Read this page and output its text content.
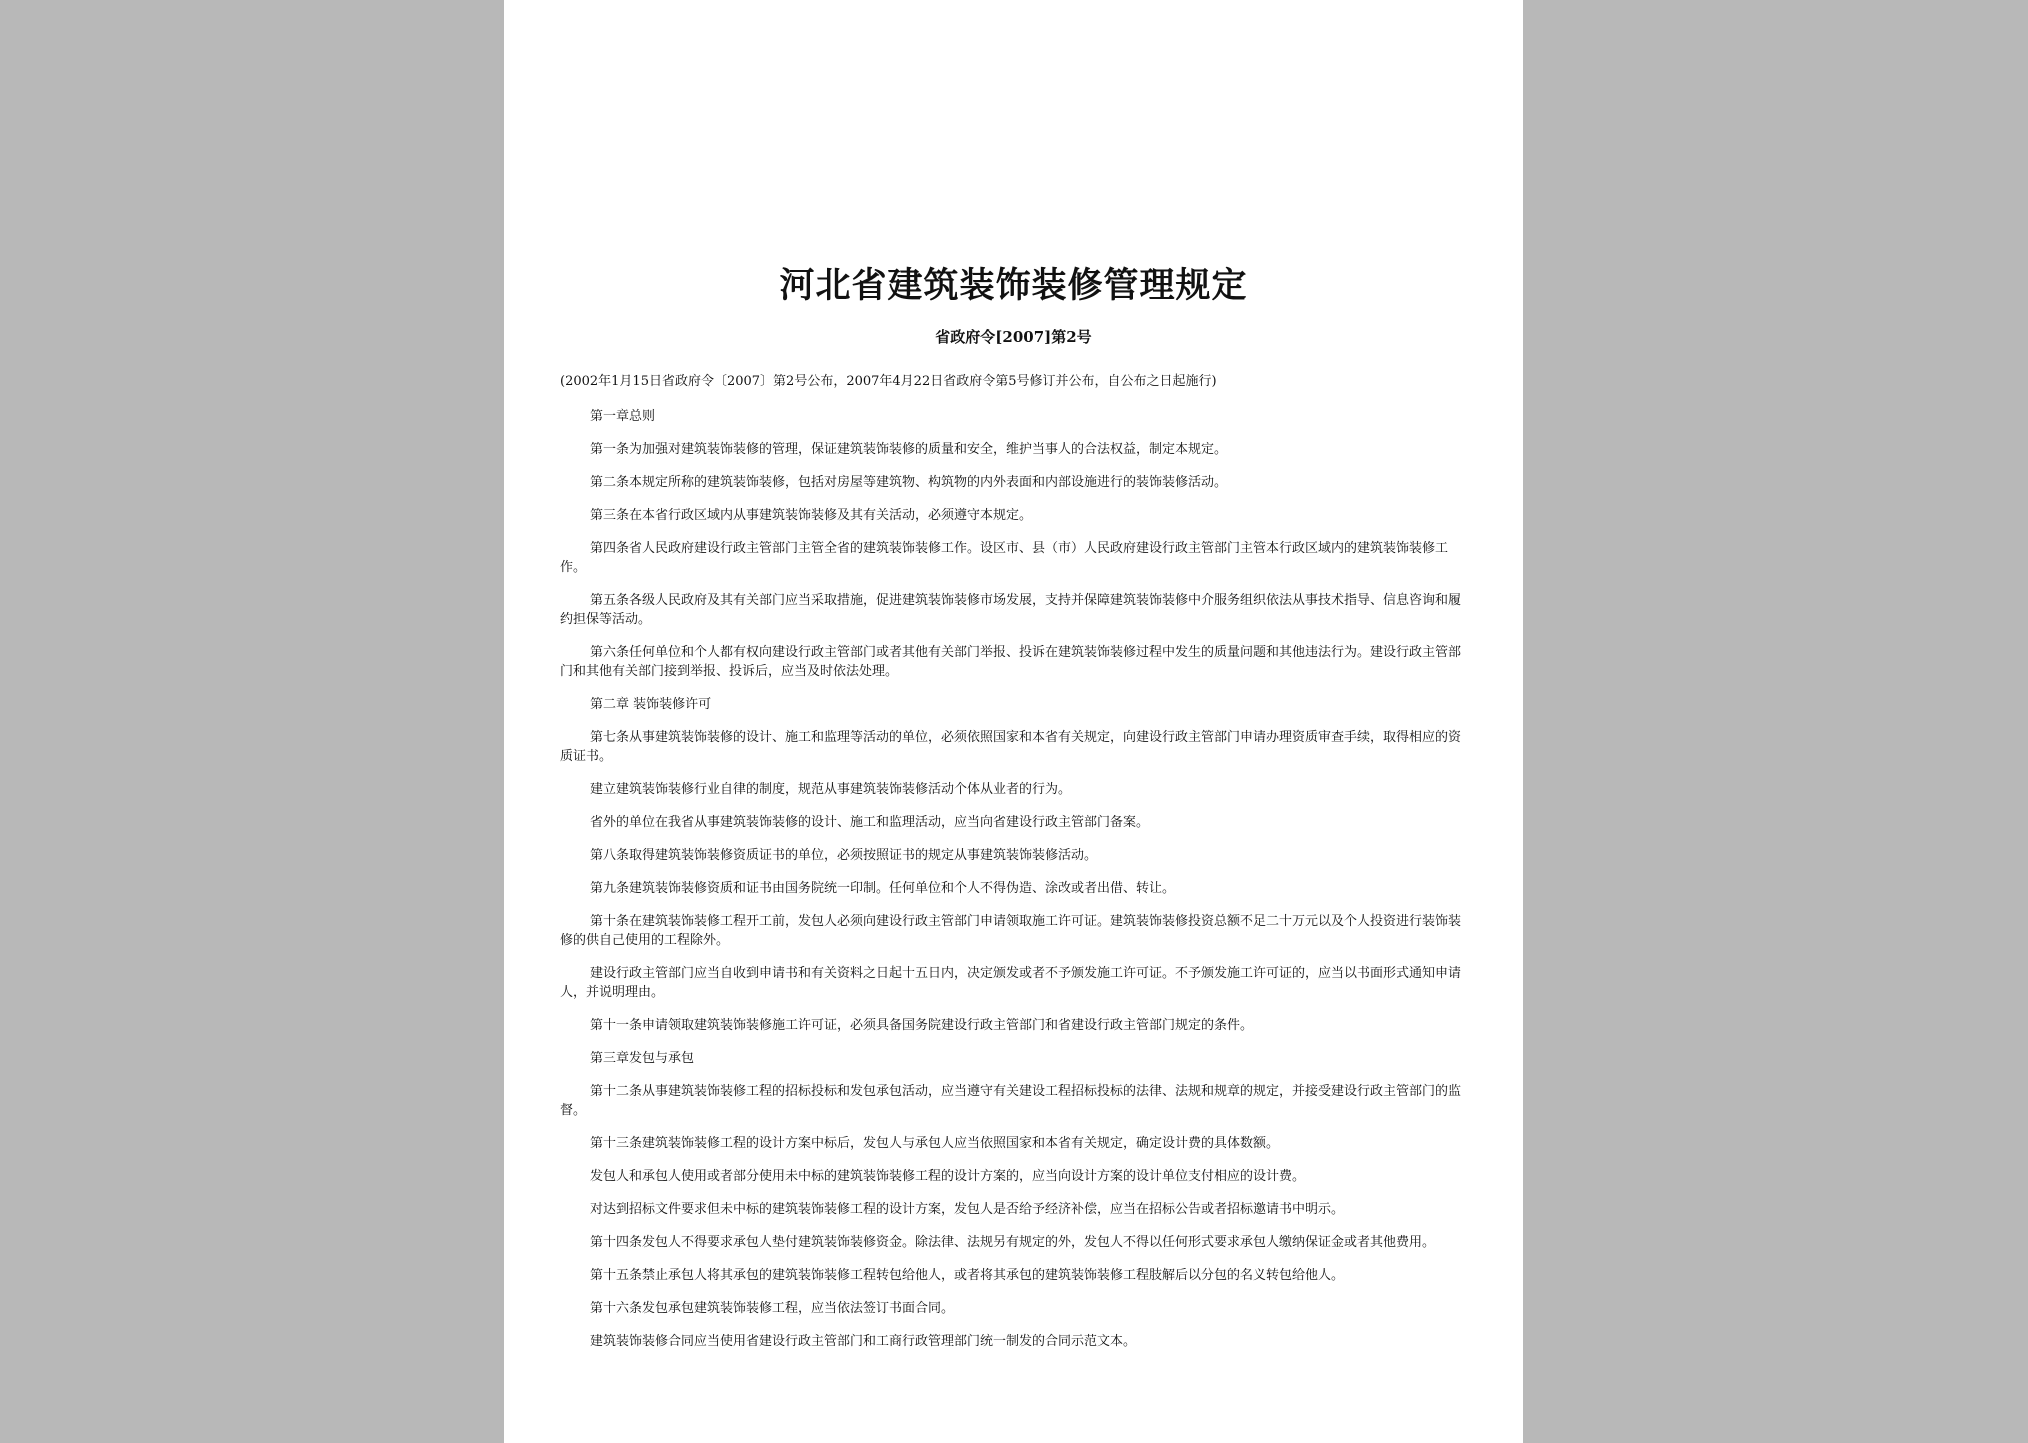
河北省建筑装饰装修管理规定
省政府令[2007]第2号

(2002年1月15日省政府令〔2007〕第2号公布，2007年4月22日省政府令第5号修订并公布，自公布之日起施行)

第一章总则

第一条为加强对建筑装饰装修的管理，保证建筑装饰装修的质量和安全，维护当事人的合法权益，制定本规定。

第二条本规定所称的建筑装饰装修，包括对房屋等建筑物、构筑物的内外表面和内部设施进行的装饰装修活动。

第三条在本省行政区域内从事建筑装饰装修及其有关活动，必须遵守本规定。

第四条省人民政府建设行政主管部门主管全省的建筑装饰装修工作。设区市、县（市）人民政府建设行政主管部门主管本行政区域内的建筑装饰装修工作。

第五条各级人民政府及其有关部门应当采取措施，促进建筑装饰装修市场发展，支持并保障建筑装饰装修中介服务组织依法从事技术指导、信息咨询和履约担保等活动。

第六条任何单位和个人都有权向建设行政主管部门或者其他有关部门举报、投诉在建筑装饰装修过程中发生的质量问题和其他违法行为。建设行政主管部门和其他有关部门接到举报、投诉后，应当及时依法处理。

第二章 装饰装修许可

第七条从事建筑装饰装修的设计、施工和监理等活动的单位，必须依照国家和本省有关规定，向建设行政主管部门申请办理资质审查手续，取得相应的资质证书。

建立建筑装饰装修行业自律的制度，规范从事建筑装饰装修活动个体从业者的行为。

省外的单位在我省从事建筑装饰装修的设计、施工和监理活动，应当向省建设行政主管部门备案。

第八条取得建筑装饰装修资质证书的单位，必须按照证书的规定从事建筑装饰装修活动。

第九条建筑装饰装修资质和证书由国务院统一印制。任何单位和个人不得伪造、涂改或者出借、转让。

第十条在建筑装饰装修工程开工前，发包人必须向建设行政主管部门申请领取施工许可证。建筑装饰装修投资总额不足二十万元以及个人投资进行装饰装修的供自己使用的工程除外。

建设行政主管部门应当自收到申请书和有关资料之日起十五日内，决定颁发或者不予颁发施工许可证。不予颁发施工许可证的，应当以书面形式通知申请人，并说明理由。

第十一条申请领取建筑装饰装修施工许可证，必须具备国务院建设行政主管部门和省建设行政主管部门规定的条件。

第三章发包与承包

第十二条从事建筑装饰装修工程的招标投标和发包承包活动，应当遵守有关建设工程招标投标的法律、法规和规章的规定，并接受建设行政主管部门的监督。

第十三条建筑装饰装修工程的设计方案中标后，发包人与承包人应当依照国家和本省有关规定，确定设计费的具体数额。

发包人和承包人使用或者部分使用未中标的建筑装饰装修工程的设计方案的，应当向设计方案的设计单位支付相应的设计费。

对达到招标文件要求但未中标的建筑装饰装修工程的设计方案，发包人是否给予经济补偿，应当在招标公告或者招标邀请书中明示。

第十四条发包人不得要求承包人垫付建筑装饰装修资金。除法律、法规另有规定的外，发包人不得以任何形式要求承包人缴纳保证金或者其他费用。

第十五条禁止承包人将其承包的建筑装饰装修工程转包给他人，或者将其承包的建筑装饰装修工程肢解后以分包的名义转包给他人。

第十六条发包承包建筑装饰装修工程，应当依法签订书面合同。

建筑装饰装修合同应当使用省建设行政主管部门和工商行政管理部门统一制发的合同示范文本。
